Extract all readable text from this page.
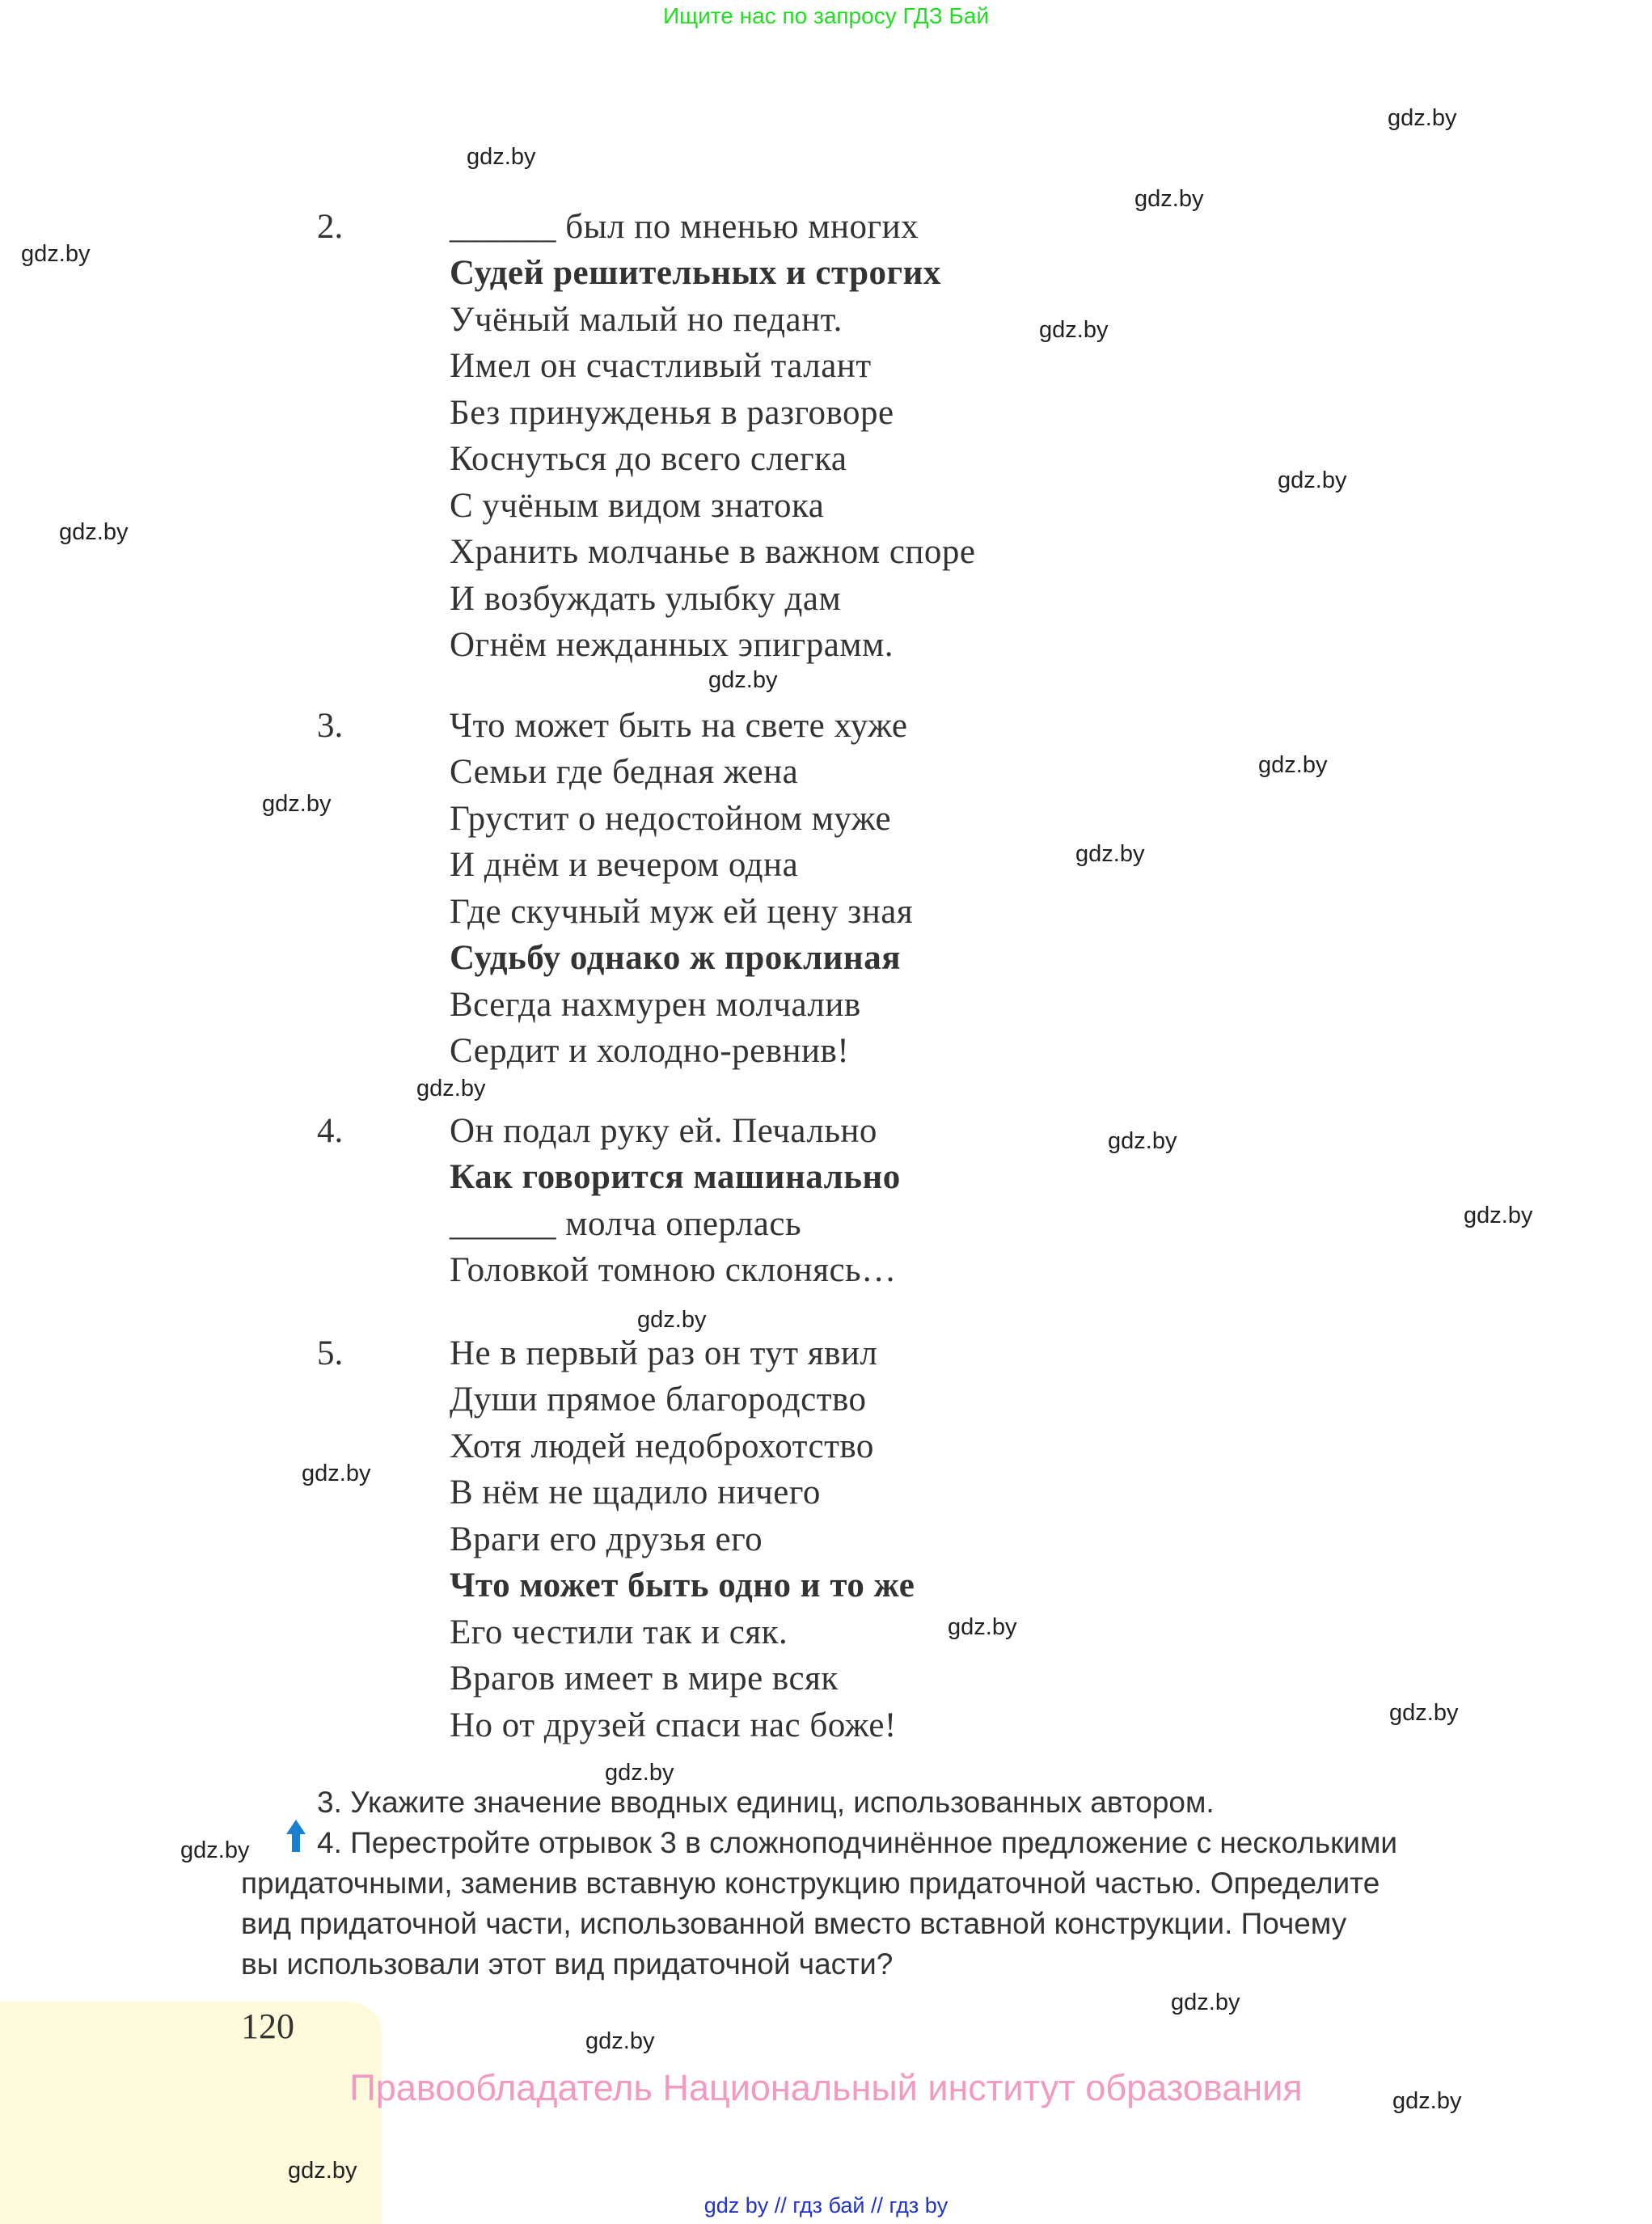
Ищите нас по запросу ГДЗ Бай
2.	______ был по мненью многих
Судей решительных и строгих
Учёный малый но педант.
Имел он счастливый талант
Без принужденья в разговоре
Коснуться до всего слегка
С учёным видом знатока
Хранить молчанье в важном споре
И возбуждать улыбку дам
Огнём нежданных эпиграмм.
3.	Что может быть на свете хуже
Семьи где бедная жена
Грустит о недостойном муже
И днём и вечером одна
Где скучный муж ей цену зная
Судьбу однако ж проклиная
Всегда нахмурен молчалив
Сердит и холодно-ревнив!
4.	Он подал руку ей. Печально
Как говорится машинально
______ молча оперлась
Головкой томною склонясь…
5.	Не в первый раз он тут явил
Души прямое благородство
Хотя людей недоброхотство
В нём не щадило ничего
Враги его друзья его
Что может быть одно и то же
Его честили так и сяк.
Врагов имеет в мире всяк
Но от друзей спаси нас боже!
3. Укажите значение вводных единиц, использованных автором.
4. Перестройте отрывок 3 в сложноподчинённое предложение с несколькими
придаточными, заменив вставную конструкцию придаточной частью. Определите
вид придаточной части, использованной вместо вставной конструкции. Почему
вы использовали этот вид придаточной части?
120
Правообладатель Национальный институт образования
gdz.by
gdz.by
gdz.by
gdz.by
gdz.by
gdz.by
gdz.by
gdz.by
gdz.by
gdz.by
gdz.by
gdz.by
gdz.by
gdz.by
gdz.by
gdz.by
gdz.by
gdz.by
gdz.by
gdz.by
gdz.by
gdz.by
gdz.by
gdz.by
gdz by // гдз бай // гдз by
